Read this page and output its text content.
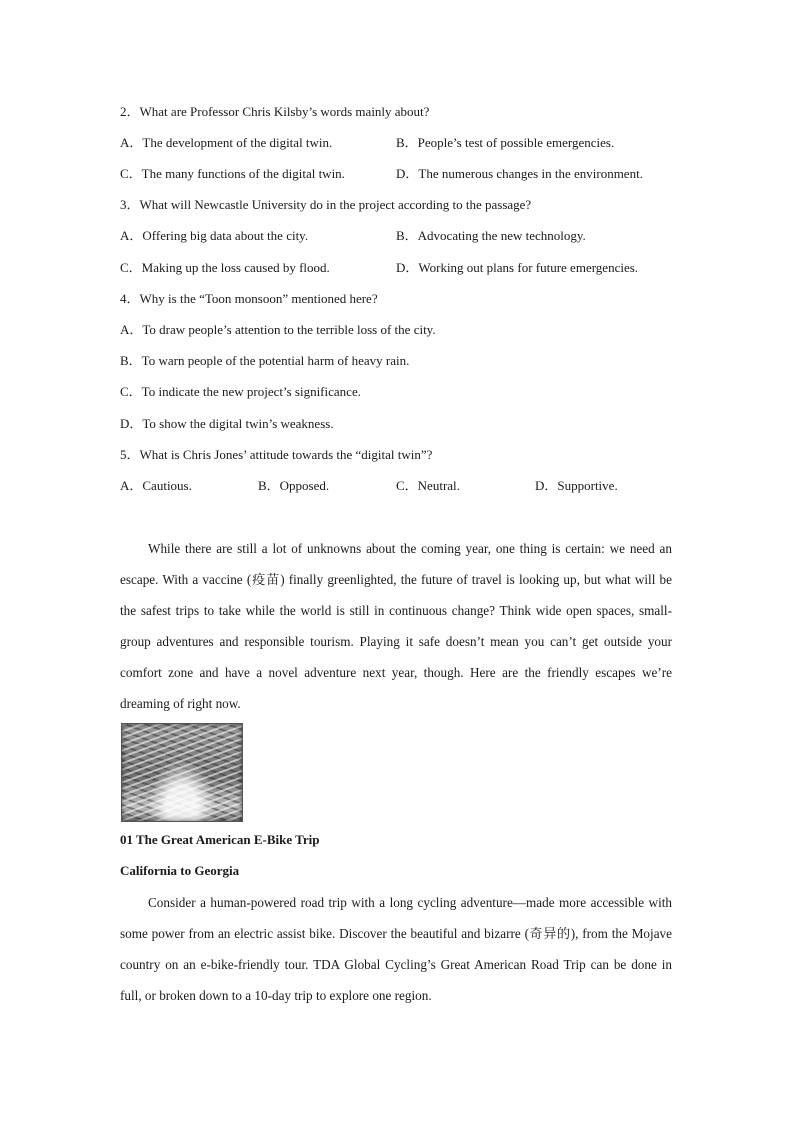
2．What are Professor Chris Kilsby’s words mainly about?
A．The development of the digital twin.	B．People’s test of possible emergencies.
C．The many functions of the digital twin.	D．The numerous changes in the environment.
3．What will Newcastle University do in the project according to the passage?
A．Offering big data about the city.	B．Advocating the new technology.
C．Making up the loss caused by flood.	D．Working out plans for future emergencies.
4．Why is the “Toon monsoon” mentioned here?
A．To draw people’s attention to the terrible loss of the city.
B．To warn people of the potential harm of heavy rain.
C．To indicate the new project’s significance.
D．To show the digital twin’s weakness.
5．What is Chris Jones’ attitude towards the “digital twin”?
A．Cautious.	B．Opposed.	C．Neutral.	D．Supportive.

While there are still a lot of unknowns about the coming year, one thing is certain: we need an escape. With a vaccine (疫苗) finally greenlighted, the future of travel is looking up, but what will be the safest trips to take while the world is still in continuous change? Think wide open spaces, small-group adventures and responsible tourism. Playing it safe doesn’t mean you can’t get outside your comfort zone and have a novel adventure next year, though. Here are the friendly escapes we’re dreaming of right now.

01 The Great American E-Bike Trip
California to Georgia

Consider a human-powered road trip with a long cycling adventure—made more accessible with some power from an electric assist bike. Discover the beautiful and bizarre (奇异的), from the Mojave country on an e-bike-friendly tour. TDA Global Cycling’s Great American Road Trip can be done in full, or broken down to a 10-day trip to explore one region.
